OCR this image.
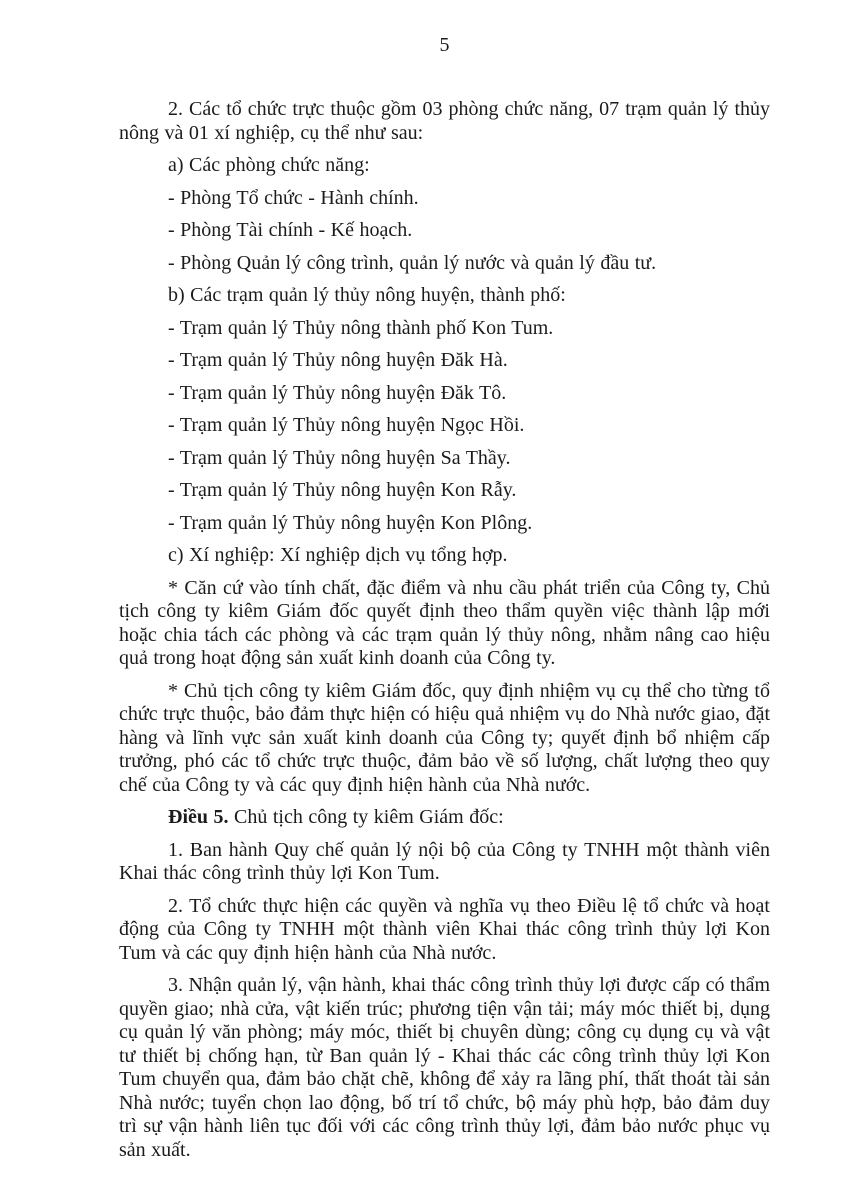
5

2. Các tổ chức trực thuộc gồm 03 phòng chức năng, 07 trạm quản lý thủy nông và 01 xí nghiệp, cụ thể như sau:

a) Các phòng chức năng:

- Phòng Tổ chức - Hành chính.

- Phòng Tài chính - Kế hoạch.

- Phòng Quản lý công trình, quản lý nước và quản lý đầu tư.

b) Các trạm quản lý thủy nông huyện, thành phố:

- Trạm quản lý Thủy nông thành phố Kon Tum.

- Trạm quản lý Thủy nông huyện Đăk Hà.

- Trạm quản lý Thủy nông huyện Đăk Tô.

- Trạm quản lý Thủy nông huyện Ngọc Hồi.

- Trạm quản lý Thủy nông huyện Sa Thầy.

- Trạm quản lý Thủy nông huyện Kon Rẫy.

- Trạm quản lý Thủy nông huyện Kon Plông.

c) Xí nghiệp: Xí nghiệp dịch vụ tổng hợp.

* Căn cứ vào tính chất, đặc điểm và nhu cầu phát triển của Công ty, Chủ tịch công ty kiêm Giám đốc quyết định theo thẩm quyền việc thành lập mới hoặc chia tách các phòng và các trạm quản lý thủy nông, nhằm nâng cao hiệu quả trong hoạt động sản xuất kinh doanh của Công ty.

* Chủ tịch công ty kiêm Giám đốc, quy định nhiệm vụ cụ thể cho từng tổ chức trực thuộc, bảo đảm thực hiện có hiệu quả nhiệm vụ do Nhà nước giao, đặt hàng và lĩnh vực sản xuất kinh doanh của Công ty; quyết định bổ nhiệm cấp trưởng, phó các tổ chức trực thuộc, đảm bảo về số lượng, chất lượng theo quy chế của Công ty và các quy định hiện hành của Nhà nước.

Điều 5. Chủ tịch công ty kiêm Giám đốc:

1. Ban hành Quy chế quản lý nội bộ của Công ty TNHH một thành viên Khai thác công trình thủy lợi Kon Tum.

2. Tổ chức thực hiện các quyền và nghĩa vụ theo Điều lệ tổ chức và hoạt động của Công ty TNHH một thành viên Khai thác công trình thủy lợi Kon Tum và các quy định hiện hành của Nhà nước.

3. Nhận quản lý, vận hành, khai thác công trình thủy lợi được cấp có thẩm quyền giao; nhà cửa, vật kiến trúc; phương tiện vận tải; máy móc thiết bị, dụng cụ quản lý văn phòng; máy móc, thiết bị chuyên dùng; công cụ dụng cụ và vật tư thiết bị chống hạn, từ Ban quản lý - Khai thác các công trình thủy lợi Kon Tum chuyển qua, đảm bảo chặt chẽ, không để xảy ra lãng phí, thất thoát tài sản Nhà nước; tuyển chọn lao động, bố trí tổ chức, bộ máy phù hợp, bảo đảm duy trì sự vận hành liên tục đối với các công trình thủy lợi, đảm bảo nước phục vụ sản xuất.
